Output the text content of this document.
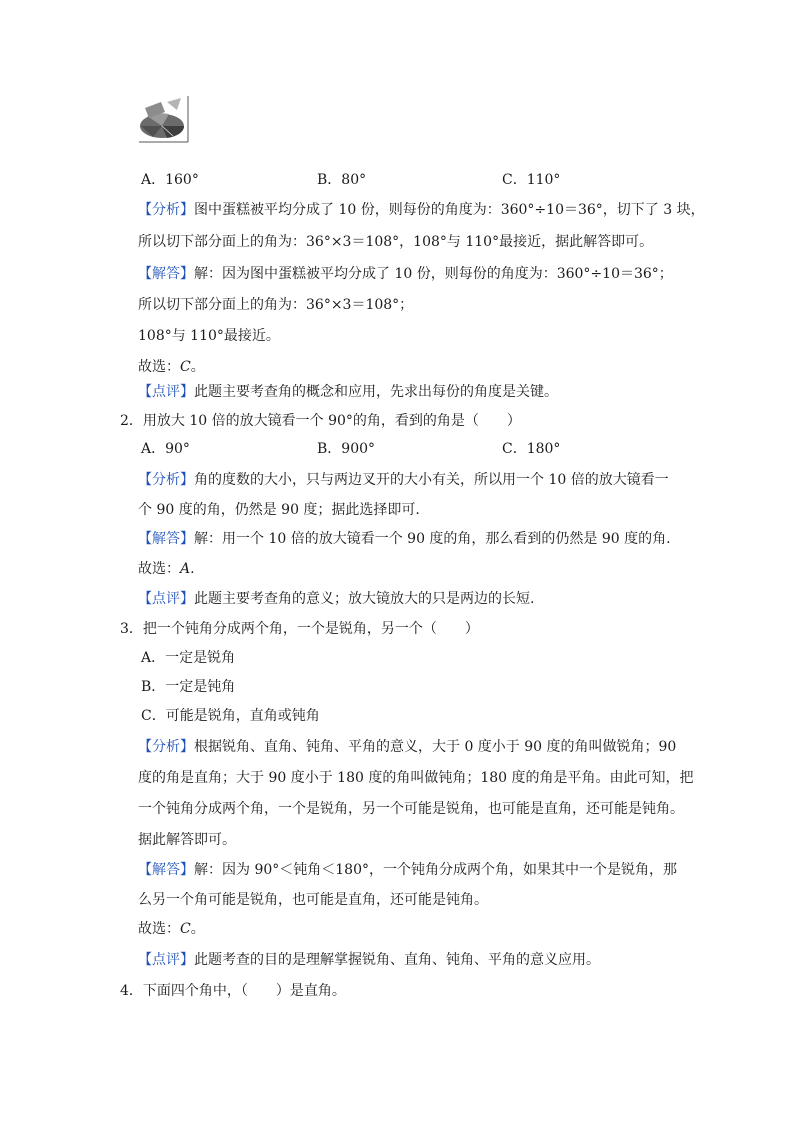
A．160°	B．80°	C．110°
【分析】图中蛋糕被平均分成了 10 份，则每份的角度为：360°÷10＝36°，切下了 3 块，
所以切下部分面上的角为：36°×3＝108°，108°与 110°最接近，据此解答即可。
【解答】解：因为图中蛋糕被平均分成了 10 份，则每份的角度为：360°÷10＝36°；
所以切下部分面上的角为：36°×3＝108°；
108°与 110°最接近。
故选：C。
【点评】此题主要考查角的概念和应用，先求出每份的角度是关键。
2．用放大 10 倍的放大镜看一个 90°的角，看到的角是（　　）
A．90°	B．900°	C．180°
【分析】角的度数的大小，只与两边叉开的大小有关，所以用一个 10 倍的放大镜看一
个 90 度的角，仍然是 90 度；据此选择即可.
【解答】解：用一个 10 倍的放大镜看一个 90 度的角，那么看到的仍然是 90 度的角.
故选：A.
【点评】此题主要考查角的意义；放大镜放大的只是两边的长短.
3．把一个钝角分成两个角，一个是锐角，另一个（　　）
A．一定是锐角
B．一定是钝角
C．可能是锐角，直角或钝角
【分析】根据锐角、直角、钝角、平角的意义，大于 0 度小于 90 度的角叫做锐角；90
度的角是直角；大于 90 度小于 180 度的角叫做钝角；180 度的角是平角。由此可知，把
一个钝角分成两个角，一个是锐角，另一个可能是锐角，也可能是直角，还可能是钝角。
据此解答即可。
【解答】解：因为 90°＜钝角＜180°，一个钝角分成两个角，如果其中一个是锐角，那
么另一个角可能是锐角，也可能是直角，还可能是钝角。
故选：C。
【点评】此题考查的目的是理解掌握锐角、直角、钝角、平角的意义应用。
4．下面四个角中，（　　）是直角。
